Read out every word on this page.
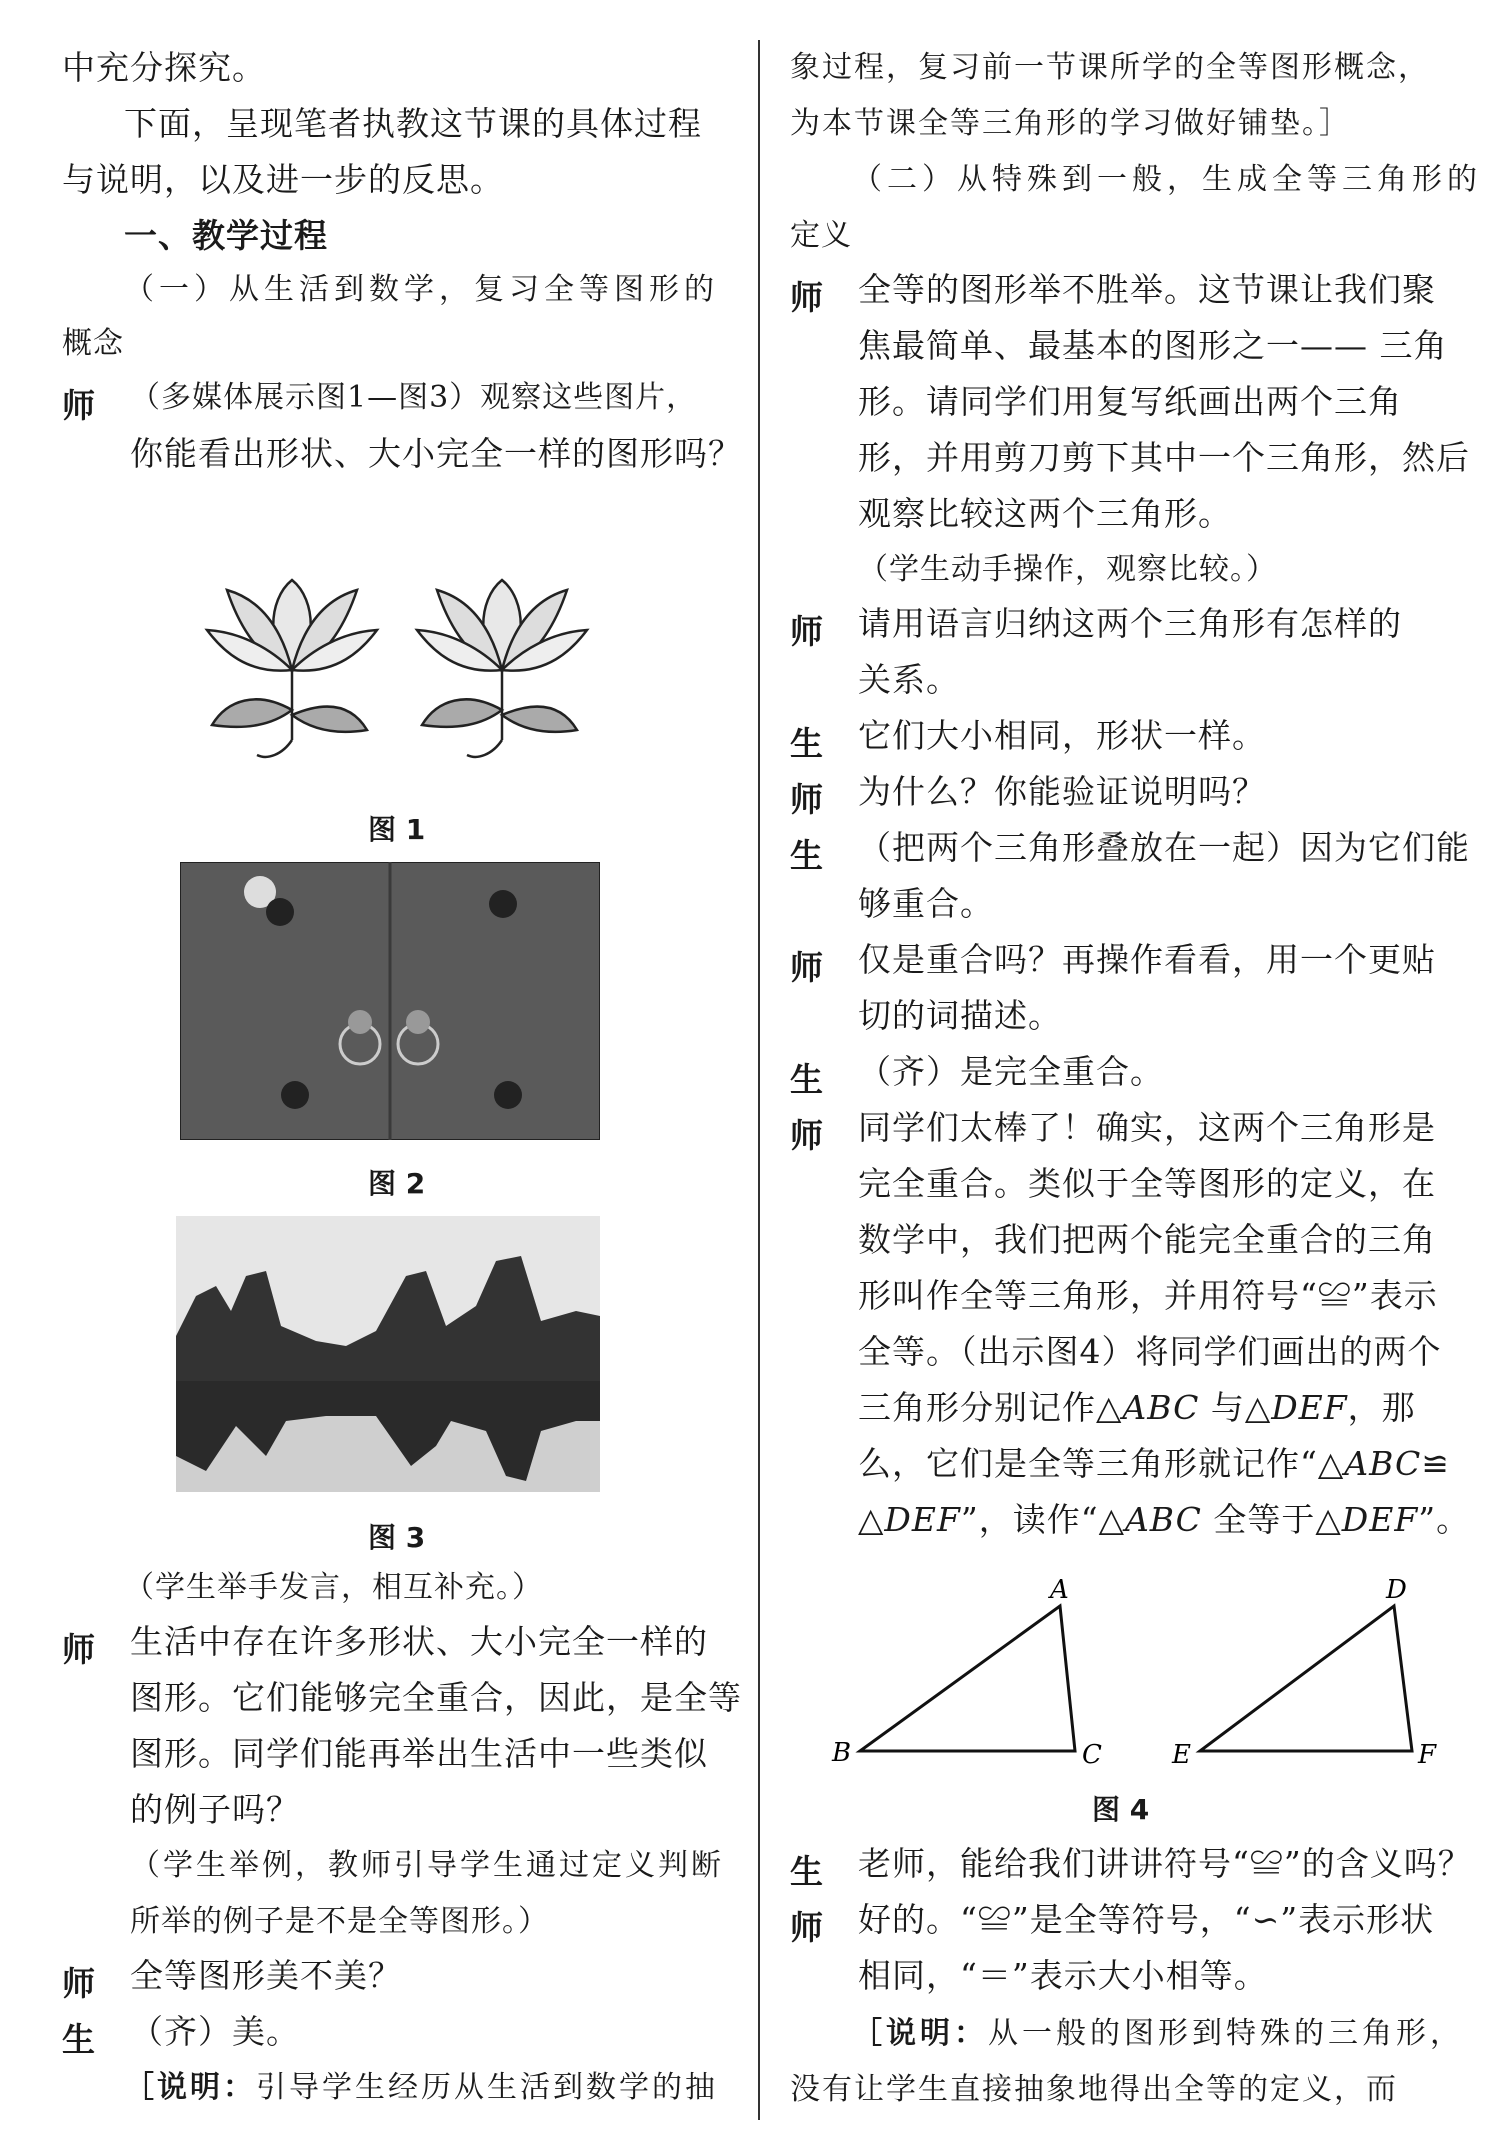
中充分探究。

下面，呈现笔者执教这节课的具体过程

与说明，以及进一步的反思。

一、教学过程

（一）从生活到数学，复习全等图形的

概念

师 （多媒体展示图1—图3）观察这些图片，

你能看出形状、大小完全一样的图形吗？

图 1

图 2

图 3

（学生举手发言，相互补充。）

师 生活中存在许多形状、大小完全一样的

图形。它们能够完全重合，因此，是全等

图形。同学们能再举出生活中一些类似

的例子吗？

（学生举例，教师引导学生通过定义判断

所举的例子是不是全等图形。）

师 全等图形美不美？

生 （齐）美。

［说明：引导学生经历从生活到数学的抽

象过程，复习前一节课所学的全等图形概念，

为本节课全等三角形的学习做好铺垫。］

（二）从特殊到一般，生成全等三角形的

定义

师 全等的图形举不胜举。这节课让我们聚

焦最简单、最基本的图形之一—— 三角

形。请同学们用复写纸画出两个三角

形，并用剪刀剪下其中一个三角形，然后

观察比较这两个三角形。

（学生动手操作，观察比较。）

师 请用语言归纳这两个三角形有怎样的

关系。

生 它们大小相同，形状一样。

师 为什么？你能验证说明吗？

生 （把两个三角形叠放在一起）因为它们能

够重合。

师 仅是重合吗？再操作看看，用一个更贴

切的词描述。

生 （齐）是完全重合。

师 同学们太棒了！确实，这两个三角形是

完全重合。类似于全等图形的定义，在

数学中，我们把两个能完全重合的三角

形叫作全等三角形，并用符号“≌”表示

全等。（出示图4）将同学们画出的两个

三角形分别记作△ABC 与△DEF，那

么，它们是全等三角形就记作“△ABC≌

△DEF”，读作“△ABC 全等于△DEF”。

A
B	C
D
E	F

图 4

生 老师，能给我们讲讲符号“≌”的含义吗？

师 好的。“≌”是全等符号，“∽”表示形状

相同，“＝”表示大小相等。

［说明：从一般的图形到特殊的三角形，

没有让学生直接抽象地得出全等的定义，而
